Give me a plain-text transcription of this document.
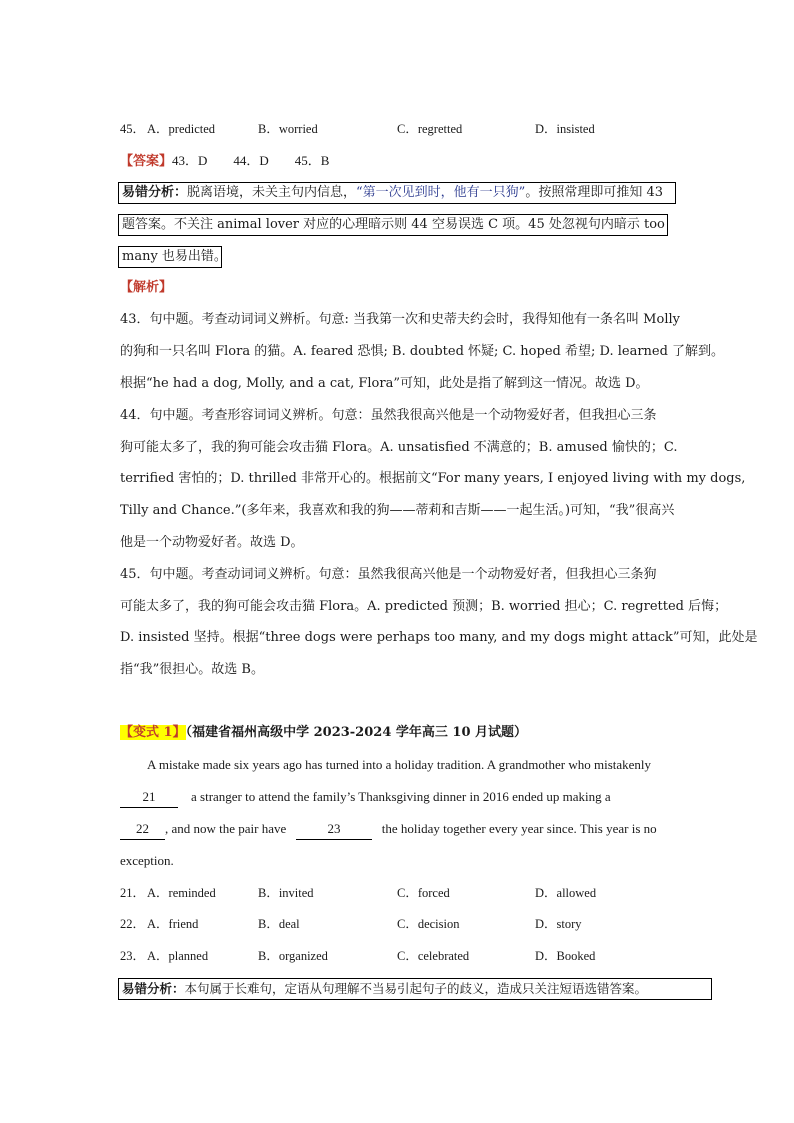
45． A．predicted	B．worried	C．regretted	D．insisted
【答案】43．D　　44．D　　45．B
易错分析：脱离语境，未关主句内信息，“第一次见到时，他有一只狗”。按照常理即可推知 43
题答案。不关注 animal lover 对应的心理暗示则 44 空易误选 C 项。45 处忽视句内暗示 too
many 也易出错。
【解析】
43．句中题。考查动词词义辨析。句意: 当我第一次和史蒂夫约会时，我得知他有一条名叫 Molly
的狗和一只名叫 Flora 的猫。A. feared 恐惧; B. doubted 怀疑; C. hoped 希望; D. learned 了解到。
根据“he had a dog, Molly, and a cat, Flora”可知，此处是指了解到这一情况。故选 D。
44．句中题。考查形容词词义辨析。句意：虽然我很高兴他是一个动物爱好者，但我担心三条
狗可能太多了，我的狗可能会攻击猫 Flora。A. unsatisfied 不满意的；B. amused 愉快的；C.
terrified 害怕的；D. thrilled 非常开心的。根据前文“For many years, I enjoyed living with my dogs,
Tilly and Chance.”(多年来，我喜欢和我的狗——蒂莉和吉斯——一起生活。)可知，“我”很高兴
他是一个动物爱好者。故选 D。
45．句中题。考查动词词义辨析。句意：虽然我很高兴他是一个动物爱好者，但我担心三条狗
可能太多了，我的狗可能会攻击猫 Flora。A. predicted 预测；B. worried 担心；C. regretted 后悔；
D. insisted 坚持。根据“three dogs were perhaps too many, and my dogs might attack”可知，此处是
指“我”很担心。故选 B。
【变式 1】（福建省福州高级中学 2023-2024 学年高三 10 月试题）
A mistake made six years ago has turned into a holiday tradition. A grandmother who mistakenly
21	a stranger to attend the family’s Thanksgiving dinner in 2016 ended up making a
22 , and now the pair have	23	the holiday together every year since. This year is no
exception.
21． A．reminded	B．invited	C．forced	D．allowed
22． A．friend	B．deal	C．decision	D．story
23． A．planned	B．organized	C．celebrated	D．Booked
易错分析：本句属于长难句，定语从句理解不当易引起句子的歧义，造成只关注短语选错答案。
